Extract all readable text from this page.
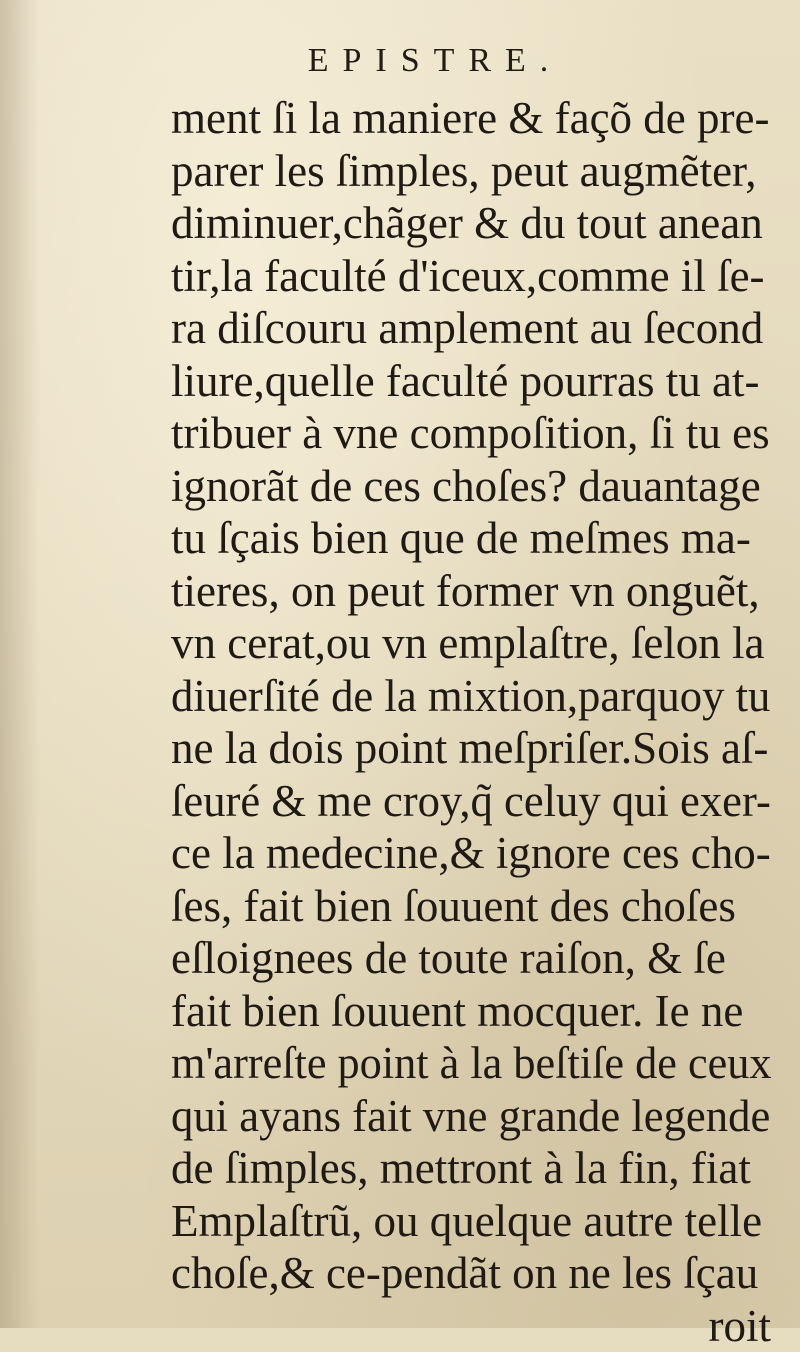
EPISTRE.
ment ſi la maniere & façõ de pre-
parer les ſimples, peut augmẽter,
diminuer,chãger & du tout anean
tir,la faculté d'iceux,comme il ſe-
ra diſcouru amplement au ſecond
liure,quelle faculté pourras tu at-
tribuer à vne compoſition, ſi tu es
ignorãt de ces choſes? dauantage
tu ſçais bien que de meſmes ma-
tieres, on peut former vn onguẽt,
vn cerat,ou vn emplaſtre, ſelon la
diuerſité de la mixtion,parquoy tu
ne la dois point meſpriſer.Sois aſ-
ſeuré & me croy,q̃ celuy qui exer-
ce la medecine,& ignore ces cho-
ſes, fait bien ſouuent des choſes
eſloignees de toute raiſon, & ſe
fait bien ſouuent mocquer. Ie ne
m'arreſte point à la beſtiſe de ceux
qui ayans fait vne grande legende
de ſimples, mettront à la fin, fiat
Emplaſtrũ, ou quelque autre telle
choſe,& ce-pendãt on ne les ſçau
roit
